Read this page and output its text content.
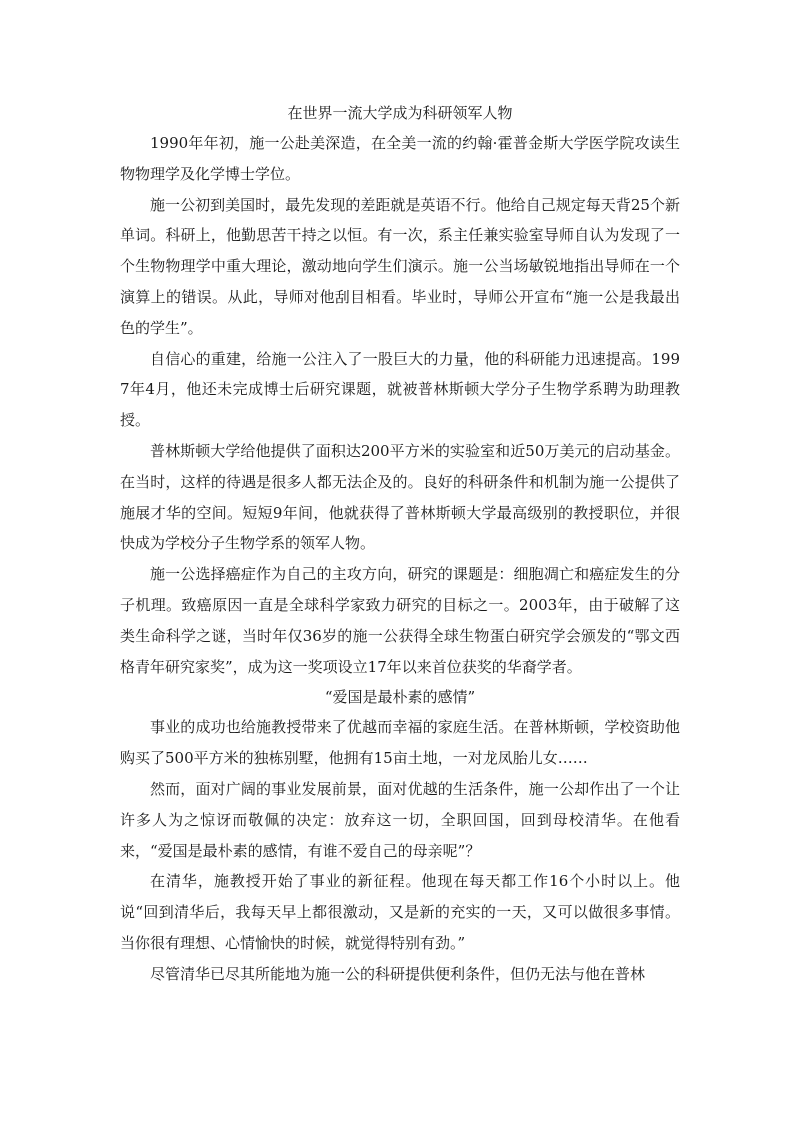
在世界一流大学成为科研领军人物

1990年年初，施一公赴美深造，在全美一流的约翰·霍普金斯大学医学院攻读生物物理学及化学博士学位。

施一公初到美国时，最先发现的差距就是英语不行。他给自己规定每天背25个新单词。科研上，他勤思苦干持之以恒。有一次，系主任兼实验室导师自认为发现了一个生物物理学中重大理论，激动地向学生们演示。施一公当场敏锐地指出导师在一个演算上的错误。从此，导师对他刮目相看。毕业时，导师公开宣布“施一公是我最出色的学生”。

自信心的重建，给施一公注入了一股巨大的力量，他的科研能力迅速提高。1997年4月，他还未完成博士后研究课题，就被普林斯顿大学分子生物学系聘为助理教授。

普林斯顿大学给他提供了面积达200平方米的实验室和近50万美元的启动基金。在当时，这样的待遇是很多人都无法企及的。良好的科研条件和机制为施一公提供了施展才华的空间。短短9年间，他就获得了普林斯顿大学最高级别的教授职位，并很快成为学校分子生物学系的领军人物。

施一公选择癌症作为自己的主攻方向，研究的课题是：细胞凋亡和癌症发生的分子机理。致癌原因一直是全球科学家致力研究的目标之一。2003年，由于破解了这类生命科学之谜，当时年仅36岁的施一公获得全球生物蛋白研究学会颁发的“鄂文西格青年研究家奖”，成为这一奖项设立17年以来首位获奖的华裔学者。

“爱国是最朴素的感情”

事业的成功也给施教授带来了优越而幸福的家庭生活。在普林斯顿，学校资助他购买了500平方米的独栋别墅，他拥有15亩土地，一对龙凤胎儿女……

然而，面对广阔的事业发展前景，面对优越的生活条件，施一公却作出了一个让许多人为之惊讶而敬佩的决定：放弃这一切，全职回国，回到母校清华。在他看来，“爱国是最朴素的感情，有谁不爱自己的母亲呢”？

在清华，施教授开始了事业的新征程。他现在每天都工作16个小时以上。他说“回到清华后，我每天早上都很激动，又是新的充实的一天，又可以做很多事情。当你很有理想、心情愉快的时候，就觉得特别有劲。”

尽管清华已尽其所能地为施一公的科研提供便利条件，但仍无法与他在普林
